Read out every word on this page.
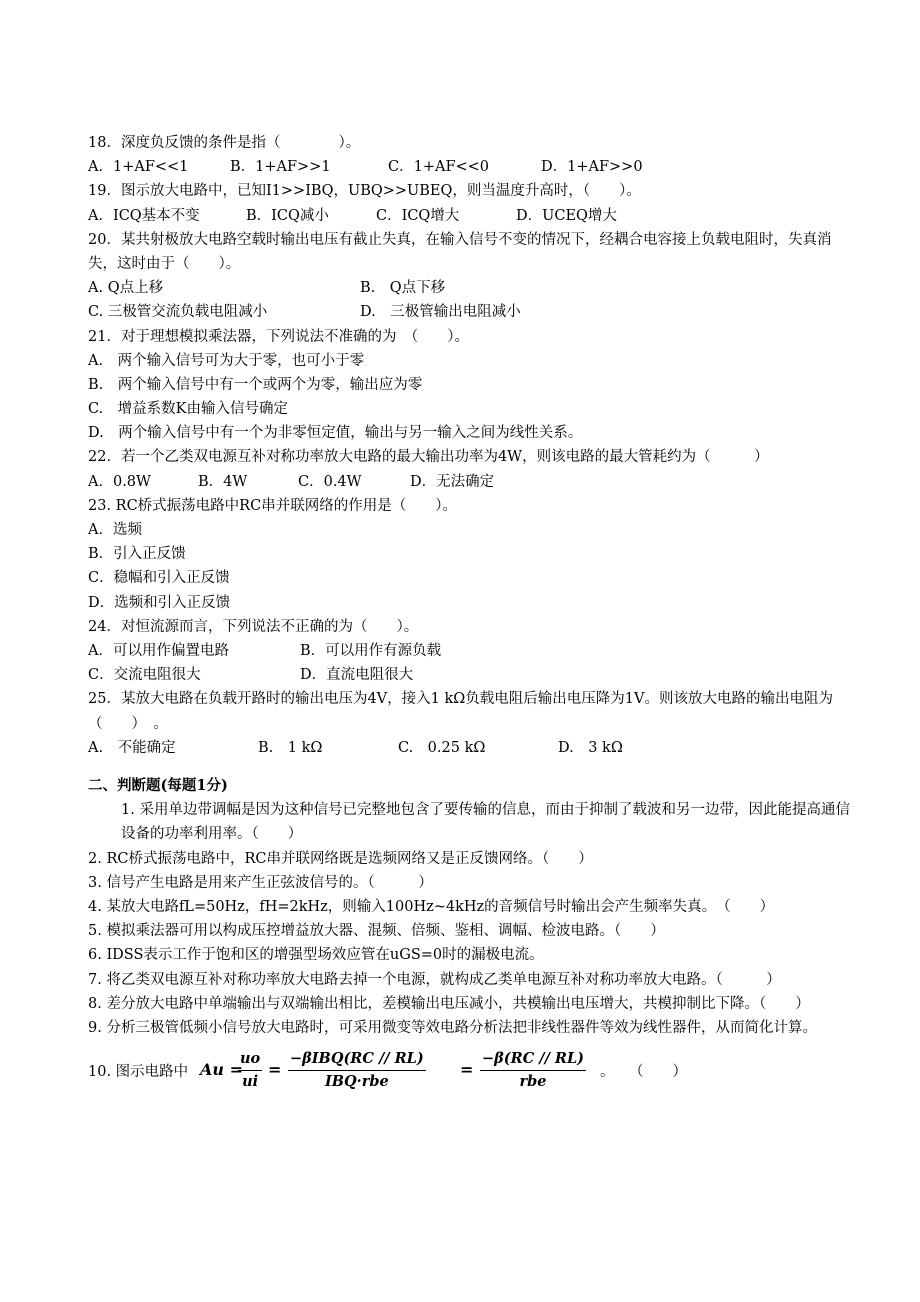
18．深度负反馈的条件是指（　　　　）。
A．1+AF<<1	B．1+AF>>1	C．1+AF<<0	D．1+AF>>0
19．图示放大电路中，已知I1>>IBQ，UBQ>>UBEQ，则当温度升高时，（　　）。
A．ICQ基本不变	B．ICQ减小	C．ICQ增大	D．UCEQ增大
20．某共射极放大电路空载时输出电压有截止失真，在输入信号不变的情况下，经耦合电容接上负载电阻时，失真消失，这时由于（　　）。
A. Q点上移	B.　Q点下移
C. 三极管交流负载电阻减小	D.　三极管输出电阻减小
21．对于理想模拟乘法器，下列说法不准确的为　（　　）。
A.　两个输入信号可为大于零，也可小于零
B.　两个输入信号中有一个或两个为零，输出应为零
C.　增益系数K由输入信号确定
D.　两个输入信号中有一个为非零恒定值，输出与另一输入之间为线性关系。
22．若一个乙类双电源互补对称功率放大电路的最大输出功率为4W，则该电路的最大管耗约为（　　　）
A．0.8W	B．4W	C．0.4W	D．无法确定
23. RC桥式振荡电路中RC串并联网络的作用是（　　）。
A．选频
B．引入正反馈
C．稳幅和引入正反馈
D．选频和引入正反馈
24．对恒流源而言，下列说法不正确的为（　　）。
A．可以用作偏置电路	B．可以用作有源负载
C．交流电阻很大	D．直流电阻很大
25．某放大电路在负载开路时的输出电压为4V，接入1 kΩ负载电阻后输出电压降为1V。则该放大电路的输出电阻为（　　）　。
A.　不能确定	B.　1 kΩ	C.　0.25 kΩ	D.　3 kΩ
二、判断题(每题1分)
1. 采用单边带调幅是因为这种信号已完整地包含了要传输的信息，而由于抑制了载波和另一边带，因此能提高通信设备的功率利用率。（　　）
2. RC桥式振荡电路中，RC串并联网络既是选频网络又是正反馈网络。（　　）
3. 信号产生电路是用来产生正弦波信号的。（　　　）
4. 某放大电路fL=50Hz，fH=2kHz，则输入100Hz~4kHz的音频信号时输出会产生频率失真。　（　　）
5. 模拟乘法器可用以构成压控增益放大器、混频、倍频、鉴相、调幅、检波电路。（　　）
6. IDSS表示工作于饱和区的增强型场效应管在uGS=0时的漏极电流。
7. 将乙类双电源互补对称功率放大电路去掉一个电源，就构成乙类单电源互补对称功率放大电路。（　　　）
8. 差分放大电路中单端输出与双端输出相比，差模输出电压减小，共模输出电压增大，共模抑制比下降。（　　）
9. 分析三极管低频小信号放大电路时，可采用微变等效电路分析法把非线性器件等效为线性器件，从而简化计算。
10. 图示电路中 Au =
$\frac{uo}{ui}$ =
−βIBQ(RC // RL)
IBQ·rbe
=
−β(RC // RL)
rbe
。　　（　　）
